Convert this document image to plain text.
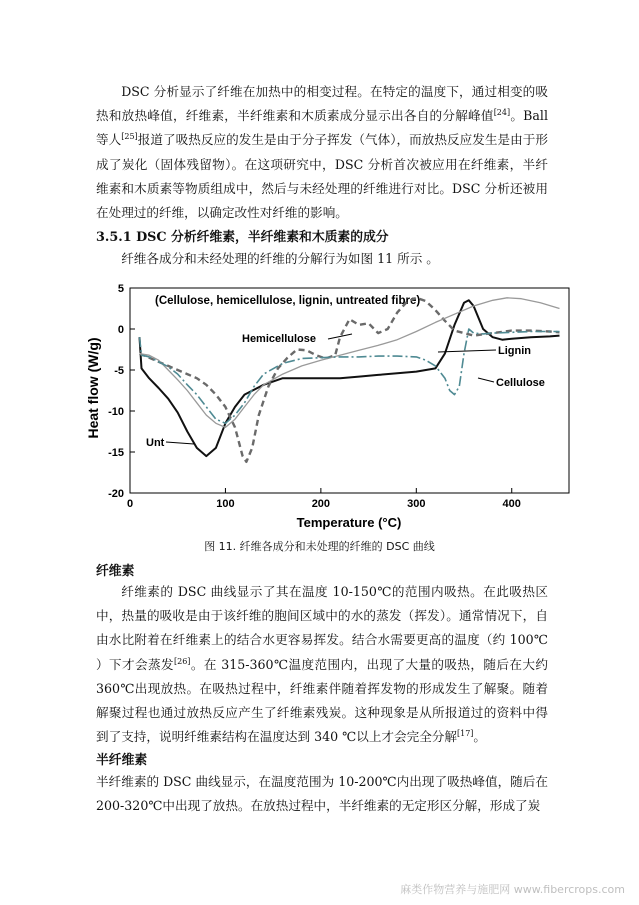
DSC 分析显示了纤维在加热中的相变过程。在特定的温度下，通过相变的吸热和放热峰值，纤维素，半纤维素和木质素成分显示出各自的分解峰值[24]。Ball 等人[25]报道了吸热反应的发生是由于分子挥发（气体），而放热反应发生是由于形成了炭化（固体残留物）。在这项研究中，DSC 分析首次被应用在纤维素，半纤维素和木质素等物质组成中，然后与未经处理的纤维进行对比。DSC 分析还被用在处理过的纤维，以确定改性对纤维的影响。

3.5.1 DSC 分析纤维素，半纤维素和木质素的成分

纤维各成分和未经处理的纤维的分解行为如图 11 所示 。

Heat flow (W/g)
5
0
-5
-10
-15
-20
0	100	200	300	400
(Cellulose, hemicellulose, lignin, untreated fibre)
Hemicellulose
Lignin
Cellulose
Unt
Temperature (°C)
图 11. 纤维各成分和未处理的纤维的 DSC 曲线

纤维素

纤维素的 DSC 曲线显示了其在温度 10-150℃的范围内吸热。在此吸热区中，热量的吸收是由于该纤维的胞间区域中的水的蒸发（挥发）。通常情况下，自由水比附着在纤维素上的结合水更容易挥发。结合水需要更高的温度（约 100℃ ）下才会蒸发[26]。在 315-360℃温度范围内，出现了大量的吸热，随后在大约 360℃出现放热。在吸热过程中，纤维素伴随着挥发物的形成发生了解聚。随着解聚过程也通过放热反应产生了纤维素残炭。这种现象是从所报道过的资料中得到了支持，说明纤维素结构在温度达到 340 ℃以上才会完全分解[17]。

半纤维素

半纤维素的 DSC 曲线显示，在温度范围为 10-200℃内出现了吸热峰值，随后在 200-320℃中出现了放热。在放热过程中，半纤维素的无定形区分解，形成了炭

麻类作物营养与施肥网 www.fibercrops.com
